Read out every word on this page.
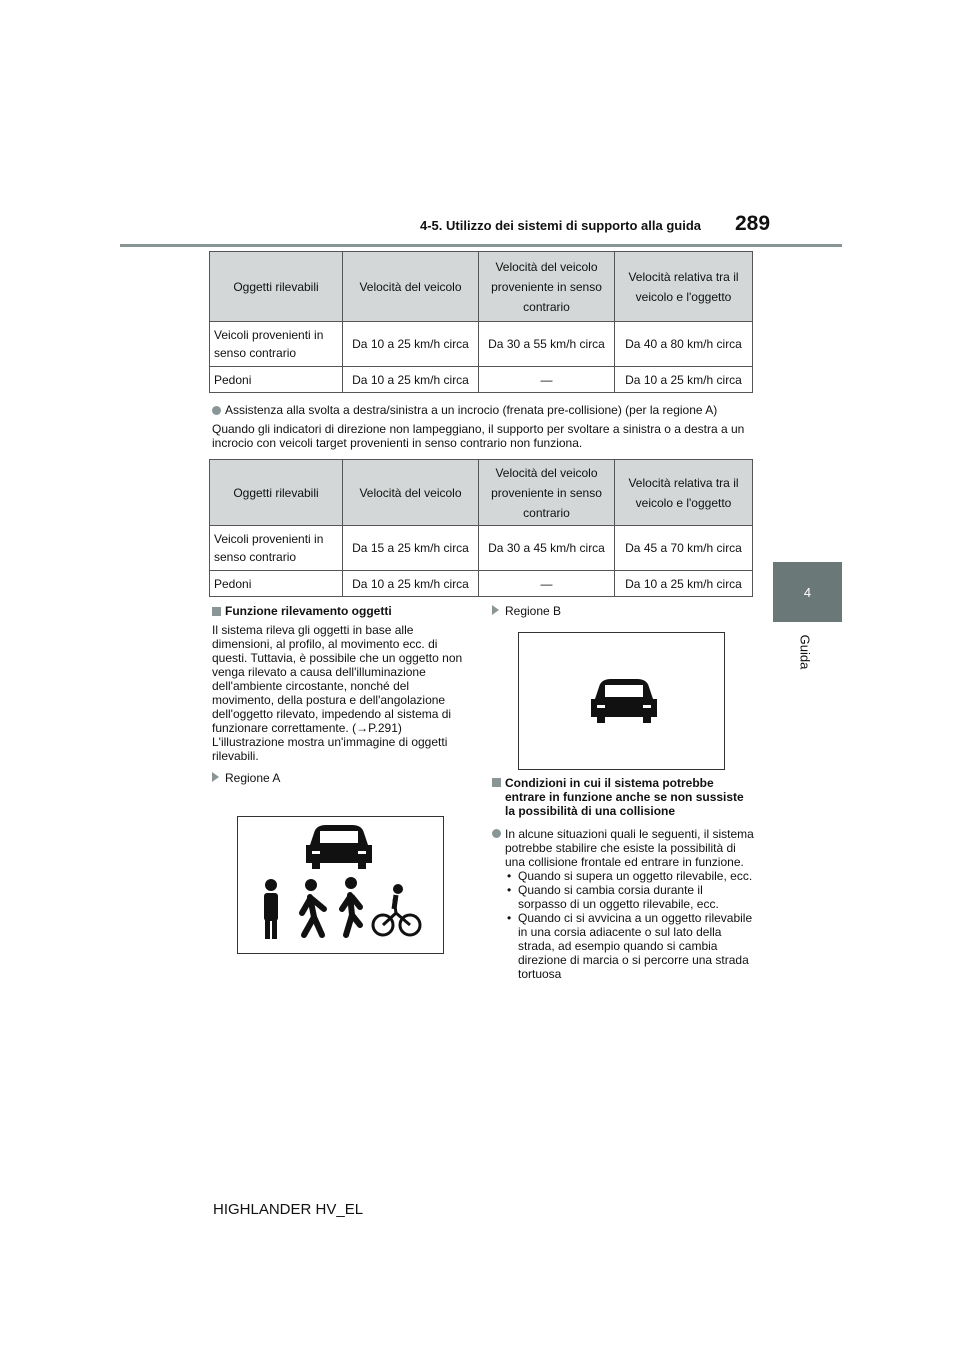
4-5. Utilizzo dei sistemi di supporto alla guida 289
4
Guida
Oggetti rilevabili	Velocità del veicolo	Velocità del veicolo proveniente in senso contrario	Velocità relativa tra il veicolo e l'oggetto
Veicoli provenienti in senso contrario	Da 10 a 25 km/h circa	Da 30 a 55 km/h circa	Da 40 a 80 km/h circa
Pedoni	Da 10 a 25 km/h circa	—	Da 10 a 25 km/h circa
Assistenza alla svolta a destra/sinistra a un incrocio (frenata pre-collisione) (per la regione A)
Quando gli indicatori di direzione non lampeggiano, il supporto per svoltare a sinistra o a destra a un incrocio con veicoli target provenienti in senso contrario non funziona.
Oggetti rilevabili	Velocità del veicolo	Velocità del veicolo proveniente in senso contrario	Velocità relativa tra il veicolo e l'oggetto
Veicoli provenienti in senso contrario	Da 15 a 25 km/h circa	Da 30 a 45 km/h circa	Da 45 a 70 km/h circa
Pedoni	Da 10 a 25 km/h circa	—	Da 10 a 25 km/h circa
Funzione rilevamento oggetti
Il sistema rileva gli oggetti in base alle dimensioni, al profilo, al movimento ecc. di questi. Tuttavia, è possibile che un oggetto non venga rilevato a causa dell'illuminazione dell'ambiente circostante, nonché del movimento, della postura e dell'angolazione dell'oggetto rilevato, impedendo al sistema di funzionare correttamente. (→P.291)
L'illustrazione mostra un'immagine di oggetti rilevabili.
Regione A
Regione B
Condizioni in cui il sistema potrebbe entrare in funzione anche se non sussiste la possibilità di una collisione
In alcune situazioni quali le seguenti, il sistema potrebbe stabilire che esiste la possibilità di una collisione frontale ed entrare in funzione.
• Quando si supera un oggetto rilevabile, ecc.
• Quando si cambia corsia durante il sorpasso di un oggetto rilevabile, ecc.
• Quando ci si avvicina a un oggetto rilevabile in una corsia adiacente o sul lato della strada, ad esempio quando si cambia direzione di marcia o si percorre una strada tortuosa
HIGHLANDER HV_EL
